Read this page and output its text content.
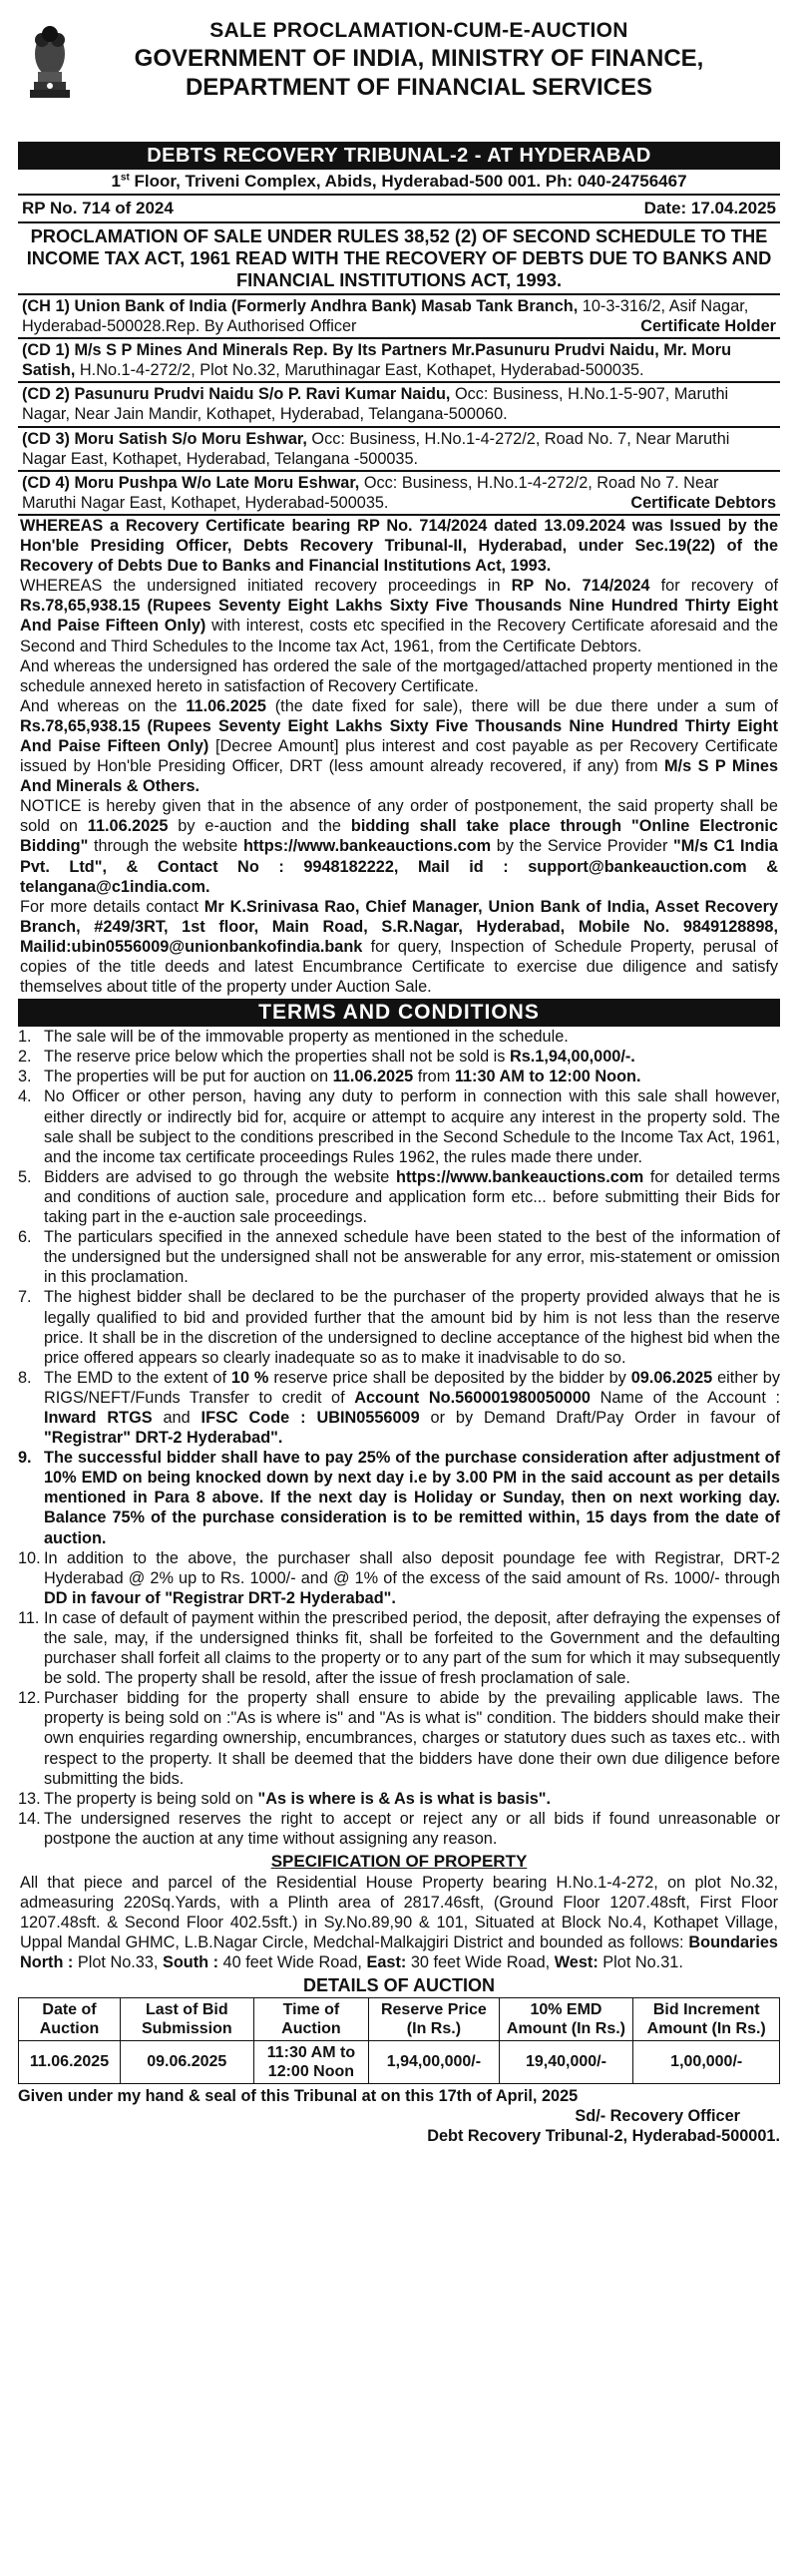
SALE PROCLAMATION-CUM-E-AUCTION
GOVERNMENT OF INDIA, MINISTRY OF FINANCE,
DEPARTMENT OF FINANCIAL SERVICES
DEBTS RECOVERY TRIBUNAL-2 - AT HYDERABAD
1st Floor, Triveni Complex, Abids, Hyderabad-500 001. Ph: 040-24756467
RP No. 714 of 2024	Date: 17.04.2025
PROCLAMATION OF SALE UNDER RULES 38,52 (2) OF SECOND SCHEDULE TO THE INCOME TAX ACT, 1961 READ WITH THE RECOVERY OF DEBTS DUE TO BANKS AND FINANCIAL INSTITUTIONS ACT, 1993.
(CH 1) Union Bank of India (Formerly Andhra Bank) Masab Tank Branch, 10-3-316/2, Asif Nagar, Hyderabad-500028.Rep. By Authorised Officer	Certificate Holder
(CD 1) M/s S P Mines And Minerals Rep. By Its Partners Mr.Pasunuru Prudvi Naidu, Mr. Moru Satish, H.No.1-4-272/2, Plot No.32, Maruthinagar East, Kothapet, Hyderabad-500035.
(CD 2) Pasunuru Prudvi Naidu S/o P. Ravi Kumar Naidu, Occ: Business, H.No.1-5-907, Maruthi Nagar, Near Jain Mandir, Kothapet, Hyderabad, Telangana-500060.
(CD 3) Moru Satish S/o Moru Eshwar, Occ: Business, H.No.1-4-272/2, Road No. 7, Near Maruthi Nagar East, Kothapet, Hyderabad, Telangana -500035.
(CD 4) Moru Pushpa W/o Late Moru Eshwar, Occ: Business, H.No.1-4-272/2, Road No 7. Near Maruthi Nagar East, Kothapet, Hyderabad-500035.	Certificate Debtors
WHEREAS a Recovery Certificate bearing RP No. 714/2024 dated 13.09.2024 was Issued by the Hon'ble Presiding Officer, Debts Recovery Tribunal-II, Hyderabad, under Sec.19(22) of the Recovery of Debts Due to Banks and Financial Institutions Act, 1993.
WHEREAS the undersigned initiated recovery proceedings in RP No. 714/2024 for recovery of Rs.78,65,938.15 (Rupees Seventy Eight Lakhs Sixty Five Thousands Nine Hundred Thirty Eight And Paise Fifteen Only) with interest, costs etc specified in the Recovery Certificate aforesaid and the Second and Third Schedules to the Income tax Act, 1961, from the Certificate Debtors.
And whereas the undersigned has ordered the sale of the mortgaged/attached property mentioned in the schedule annexed hereto in satisfaction of Recovery Certificate.
And whereas on the 11.06.2025 (the date fixed for sale), there will be due there under a sum of Rs.78,65,938.15 (Rupees Seventy Eight Lakhs Sixty Five Thousands Nine Hundred Thirty Eight And Paise Fifteen Only) [Decree Amount] plus interest and cost payable as per Recovery Certificate issued by Hon'ble Presiding Officer, DRT (less amount already recovered, if any) from M/s S P Mines And Minerals & Others.
NOTICE is hereby given that in the absence of any order of postponement, the said property shall be sold on 11.06.2025 by e-auction and the bidding shall take place through "Online Electronic Bidding" through the website https://www.bankeauctions.com by the Service Provider "M/s C1 India Pvt. Ltd", & Contact No : 9948182222, Mail id : support@bankeauction.com & telangana@c1india.com.
For more details contact Mr K.Srinivasa Rao, Chief Manager, Union Bank of India, Asset Recovery Branch, #249/3RT, 1st floor, Main Road, S.R.Nagar, Hyderabad, Mobile No. 9849128898, Mailid:ubin0556009@unionbankofindia.bank for query, Inspection of Schedule Property, perusal of copies of the title deeds and latest Encumbrance Certificate to exercise due diligence and satisfy themselves about title of the property under Auction Sale.
TERMS AND CONDITIONS
1. The sale will be of the immovable property as mentioned in the schedule.
2. The reserve price below which the properties shall not be sold is Rs.1,94,00,000/-.
3. The properties will be put for auction on 11.06.2025 from 11:30 AM to 12:00 Noon.
4. No Officer or other person, having any duty to perform in connection with this sale shall however, either directly or indirectly bid for, acquire or attempt to acquire any interest in the property sold. The sale shall be subject to the conditions prescribed in the Second Schedule to the Income Tax Act, 1961, and the income tax certificate proceedings Rules 1962, the rules made there under.
5. Bidders are advised to go through the website https://www.bankeauctions.com for detailed terms and conditions of auction sale, procedure and application form etc... before submitting their Bids for taking part in the e-auction sale proceedings.
6. The particulars specified in the annexed schedule have been stated to the best of the information of the undersigned but the undersigned shall not be answerable for any error, mis-statement or omission in this proclamation.
7. The highest bidder shall be declared to be the purchaser of the property provided always that he is legally qualified to bid and provided further that the amount bid by him is not less than the reserve price. It shall be in the discretion of the undersigned to decline acceptance of the highest bid when the price offered appears so clearly inadequate so as to make it inadvisable to do so.
8. The EMD to the extent of 10 % reserve price shall be deposited by the bidder by 09.06.2025 either by RIGS/NEFT/Funds Transfer to credit of Account No.560001980050000 Name of the Account : Inward RTGS and IFSC Code : UBIN0556009 or by Demand Draft/Pay Order in favour of "Registrar" DRT-2 Hyderabad".
9. The successful bidder shall have to pay 25% of the purchase consideration after adjustment of 10% EMD on being knocked down by next day i.e by 3.00 PM in the said account as per details mentioned in Para 8 above. If the next day is Holiday or Sunday, then on next working day. Balance 75% of the purchase consideration is to be remitted within, 15 days from the date of auction.
10. In addition to the above, the purchaser shall also deposit poundage fee with Registrar, DRT-2 Hyderabad @ 2% up to Rs. 1000/- and @ 1% of the excess of the said amount of Rs. 1000/- through DD in favour of "Registrar DRT-2 Hyderabad".
11. In case of default of payment within the prescribed period, the deposit, after defraying the expenses of the sale, may, if the undersigned thinks fit, shall be forfeited to the Government and the defaulting purchaser shall forfeit all claims to the property or to any part of the sum for which it may subsequently be sold. The property shall be resold, after the issue of fresh proclamation of sale.
12. Purchaser bidding for the property shall ensure to abide by the prevailing applicable laws. The property is being sold on :"As is where is" and "As is what is" condition. The bidders should make their own enquiries regarding ownership, encumbrances, charges or statutory dues such as taxes etc.. with respect to the property. It shall be deemed that the bidders have done their own due diligence before submitting the bids.
13. The property is being sold on "As is where is & As is what is basis".
14. The undersigned reserves the right to accept or reject any or all bids if found unreasonable or postpone the auction at any time without assigning any reason.
SPECIFICATION OF PROPERTY
All that piece and parcel of the Residential House Property bearing H.No.1-4-272, on plot No.32, admeasuring 220Sq.Yards, with a Plinth area of 2817.46sft, (Ground Floor 1207.48sft, First Floor 1207.48sft. & Second Floor 402.5sft.) in Sy.No.89,90 & 101, Situated at Block No.4, Kothapet Village, Uppal Mandal GHMC, L.B.Nagar Circle, Medchal-Malkajgiri District and bounded as follows: Boundaries North : Plot No.33, South : 40 feet Wide Road, East: 30 feet Wide Road, West: Plot No.31.
DETAILS OF AUCTION
Date of Auction	Last of Bid Submission	Time of Auction	Reserve Price (In Rs.)	10% EMD Amount (In Rs.)	Bid Increment Amount (In Rs.)
11.06.2025	09.06.2025	11:30 AM to 12:00 Noon	1,94,00,000/-	19,40,000/-	1,00,000/-
Given under my hand & seal of this Tribunal at on this 17th of April, 2025
Sd/- Recovery Officer
Debt Recovery Tribunal-2, Hyderabad-500001.
